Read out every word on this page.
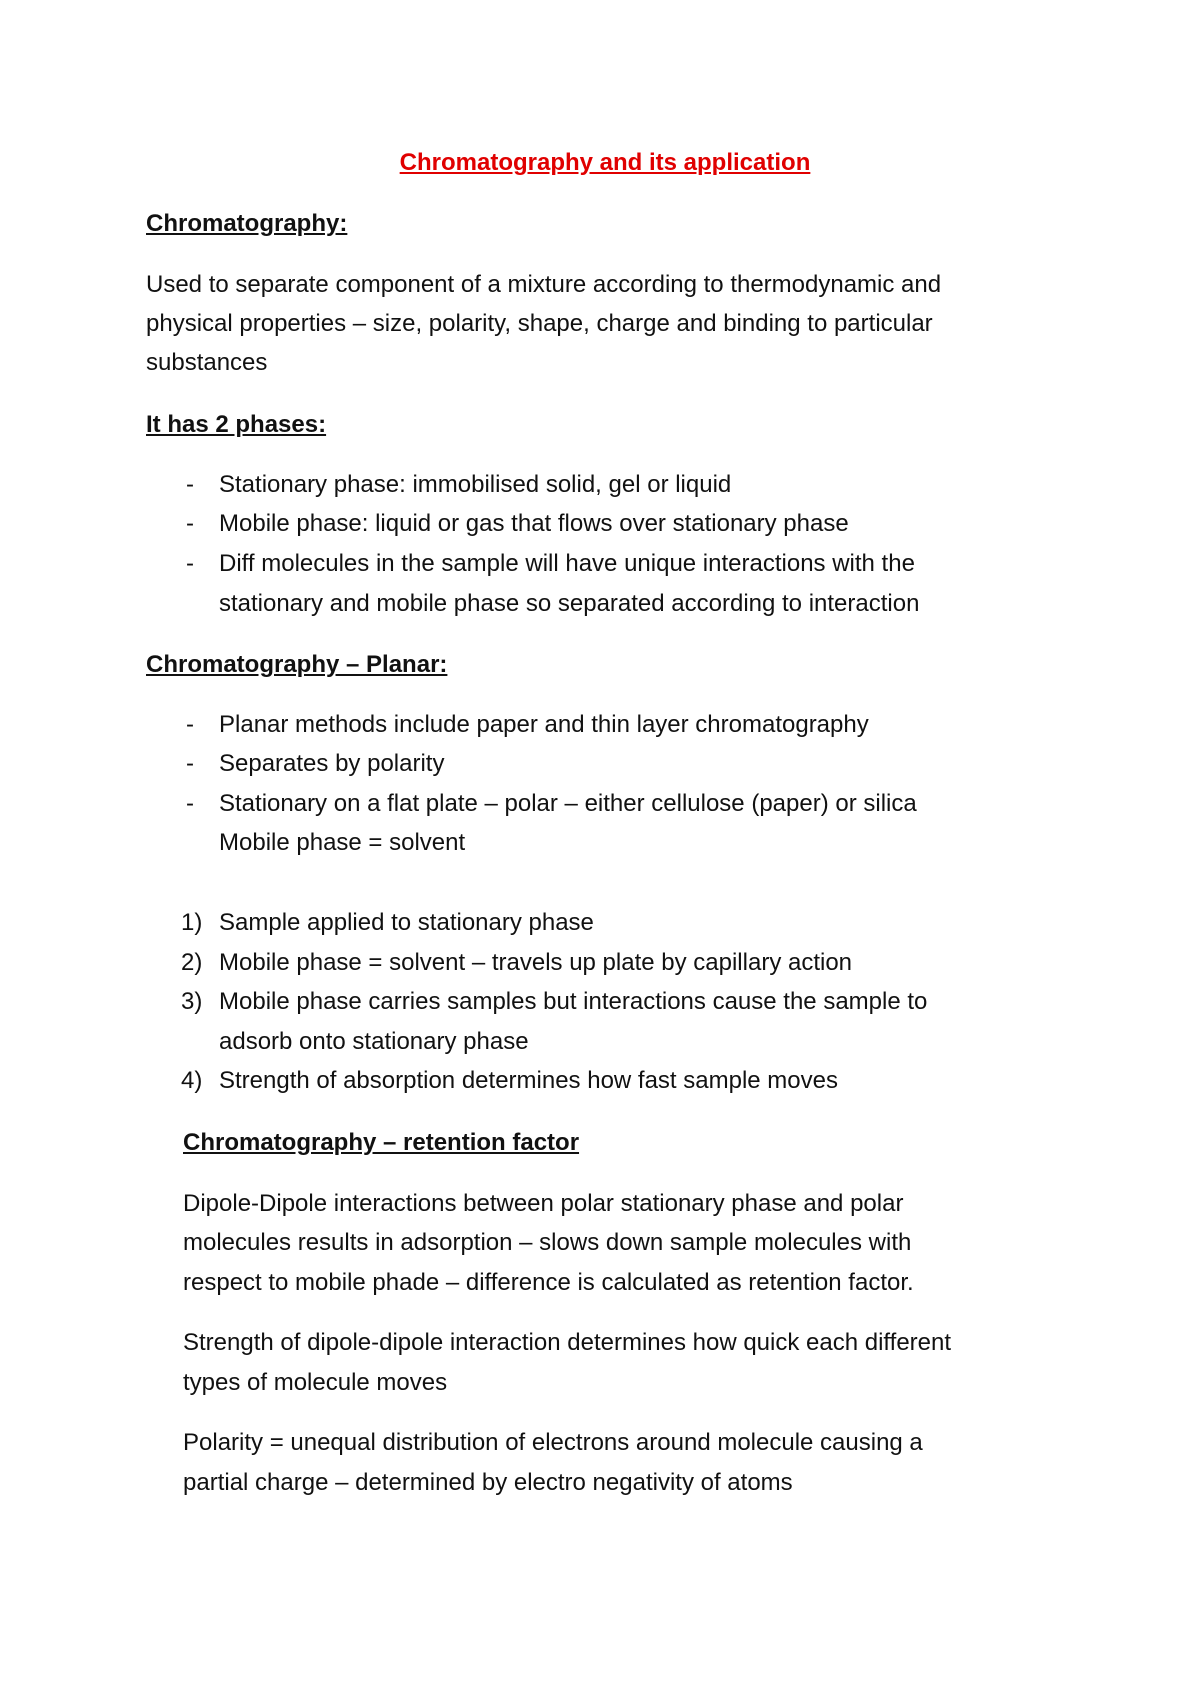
Chromatography and its application
Chromatography:
Used to separate component of a mixture according to thermodynamic and
physical properties – size, polarity, shape, charge and binding to particular
substances
It has 2 phases:
- Stationary phase: immobilised solid, gel or liquid
- Mobile phase: liquid or gas that flows over stationary phase
- Diff molecules in the sample will have unique interactions with the
stationary and mobile phase so separated according to interaction
Chromatography – Planar:
- Planar methods include paper and thin layer chromatography
- Separates by polarity
- Stationary on a flat plate – polar – either cellulose (paper) or silica
Mobile phase = solvent
1) Sample applied to stationary phase
2) Mobile phase = solvent – travels up plate by capillary action
3) Mobile phase carries samples but interactions cause the sample to
adsorb onto stationary phase
4) Strength of absorption determines how fast sample moves
Chromatography – retention factor
Dipole-Dipole interactions between polar stationary phase and polar
molecules results in adsorption – slows down sample molecules with
respect to mobile phade – difference is calculated as retention factor.
Strength of dipole-dipole interaction determines how quick each different
types of molecule moves
Polarity = unequal distribution of electrons around molecule causing a
partial charge – determined by electro negativity of atoms
